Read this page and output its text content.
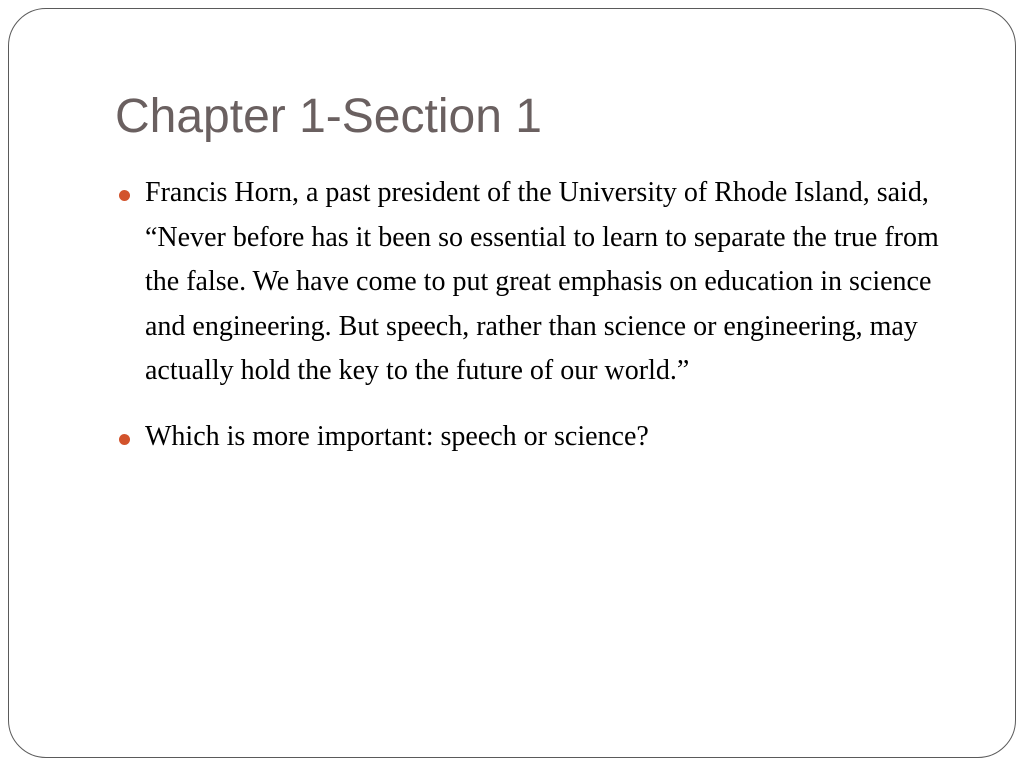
Chapter 1-Section 1
Francis Horn, a past president of the University of Rhode Island, said, “Never before has it been so essential to learn to separate the true from the false. We have come to put great emphasis on education in science and engineering. But speech, rather than science or engineering, may actually hold the key to the future of our world.”
Which is more important: speech or science?
